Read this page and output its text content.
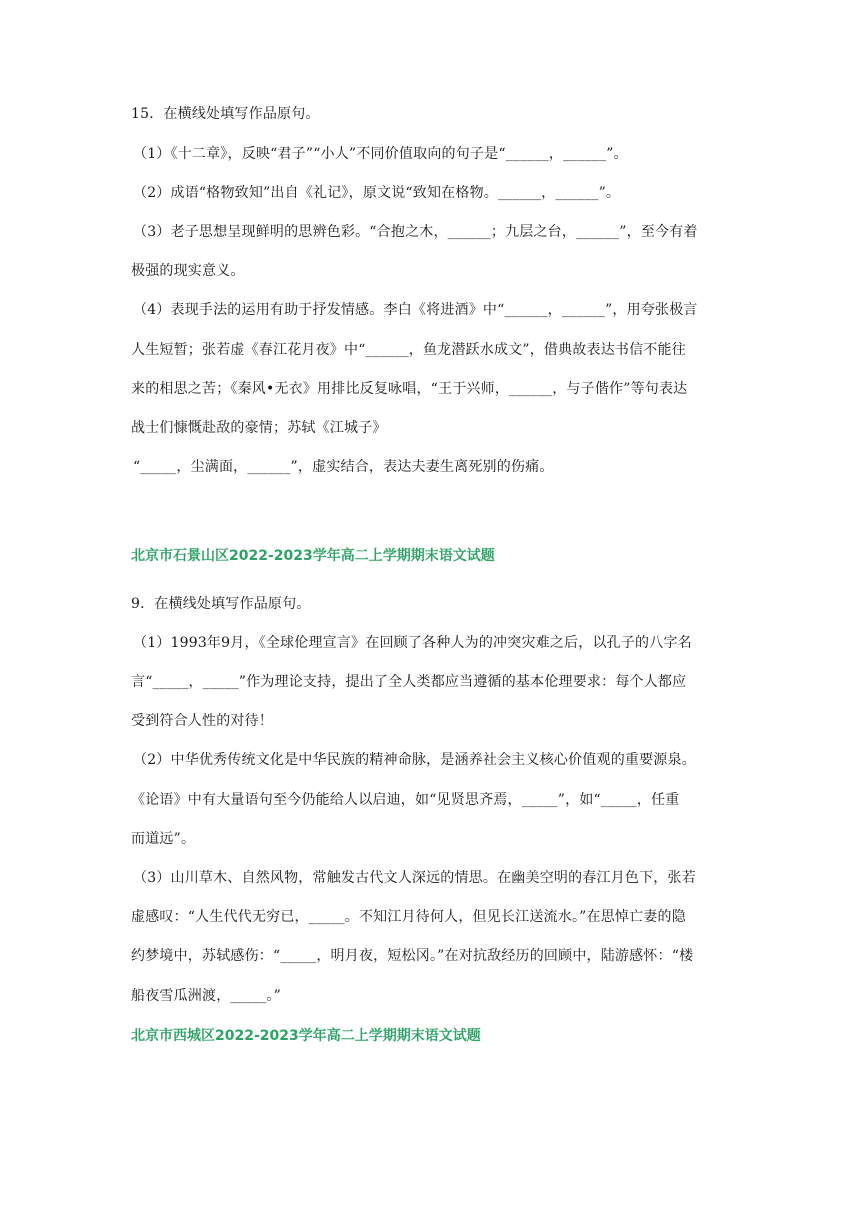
15．在横线处填写作品原句。
（1）《十二章》，反映“君子”“小人”不同价值取向的句子是“______，______”。
（2）成语“格物致知”出自《礼记》，原文说“致知在格物。______，______”。
（3）老子思想呈现鲜明的思辨色彩。“合抱之木，______；九层之台，______”，至今有着
极强的现实意义。
（4）表现手法的运用有助于抒发情感。李白《将进酒》中“______，______”，用夸张极言
人生短暂；张若虚《春江花月夜》中“______，鱼龙潜跃水成文”，借典故表达书信不能往
来的相思之苦；《秦风•无衣》用排比反复咏唱，“王于兴师，______，与子偕作”等句表达
战士们慷慨赴敌的豪情；苏轼《江城子》
“_____，尘满面，______”，虚实结合，表达夫妻生离死别的伤痛。
北京市石景山区2022-2023学年高二上学期期末语文试题
9．在横线处填写作品原句。
（1）1993年9月，《全球伦理宣言》在回顾了各种人为的冲突灾难之后，以孔子的八字名
言“_____，_____”作为理论支持，提出了全人类都应当遵循的基本伦理要求：每个人都应
受到符合人性的对待！
（2）中华优秀传统文化是中华民族的精神命脉，是涵养社会主义核心价值观的重要源泉。
《论语》中有大量语句至今仍能给人以启迪，如“见贤思齐焉，_____”，如“_____，任重
而道远”。
（3）山川草木、自然风物，常触发古代文人深远的情思。在幽美空明的春江月色下，张若
虚感叹：“人生代代无穷已，_____。不知江月待何人，但见长江送流水。”在思悼亡妻的隐
约梦境中，苏轼感伤：“_____，明月夜，短松冈。”在对抗敌经历的回顾中，陆游感怀：“楼
船夜雪瓜洲渡，_____。”
北京市西城区2022-2023学年高二上学期期末语文试题
